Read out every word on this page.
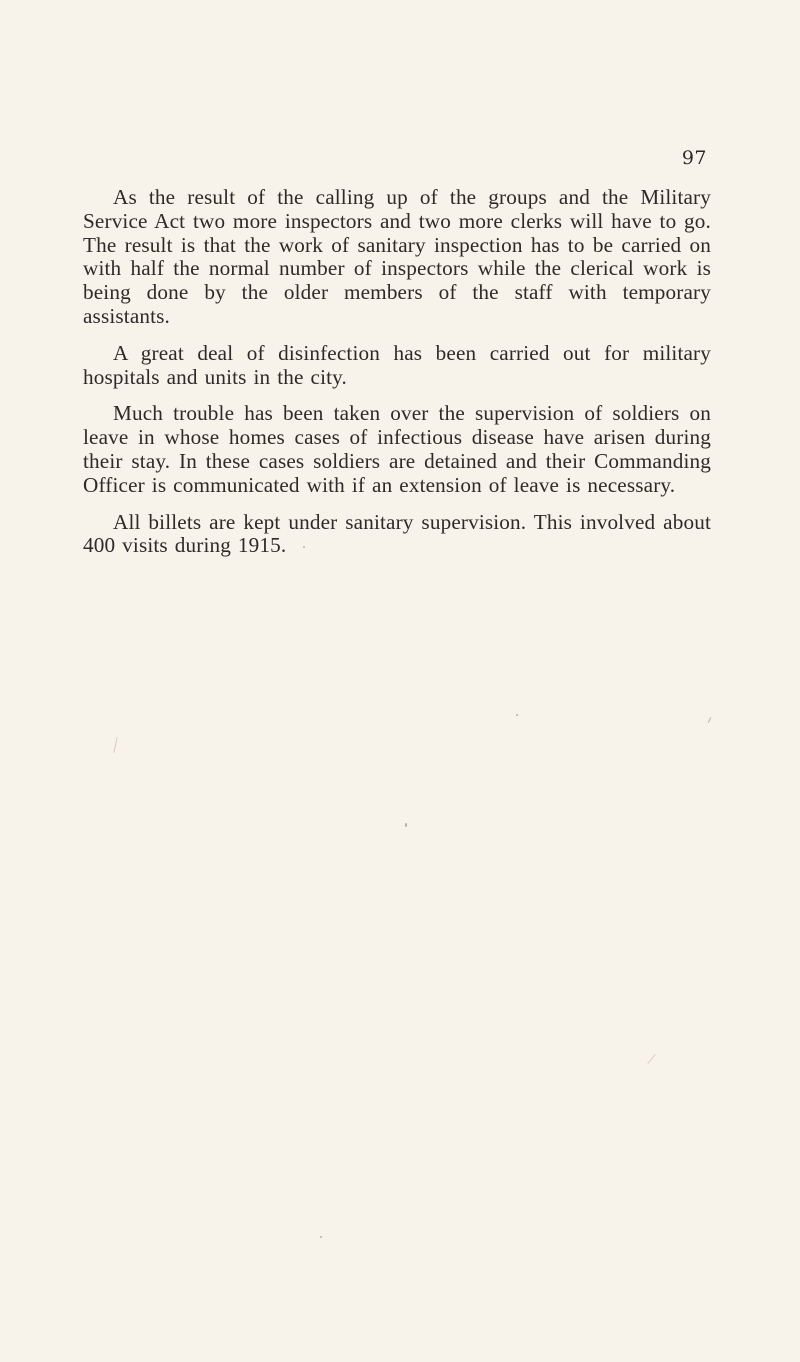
97

As the result of the calling up of the groups and the Military Service Act two more inspectors and two more clerks will have to go. The result is that the work of sanitary inspection has to be carried on with half the normal number of inspectors while the clerical work is being done by the older members of the staff with temporary assistants.

A great deal of disinfection has been carried out for military hospitals and units in the city.

Much trouble has been taken over the supervision of soldiers on leave in whose homes cases of infectious disease have arisen during their stay. In these cases soldiers are detained and their Commanding Officer is communicated with if an extension of leave is necessary.

All billets are kept under sanitary supervision. This involved about 400 visits during 1915.
